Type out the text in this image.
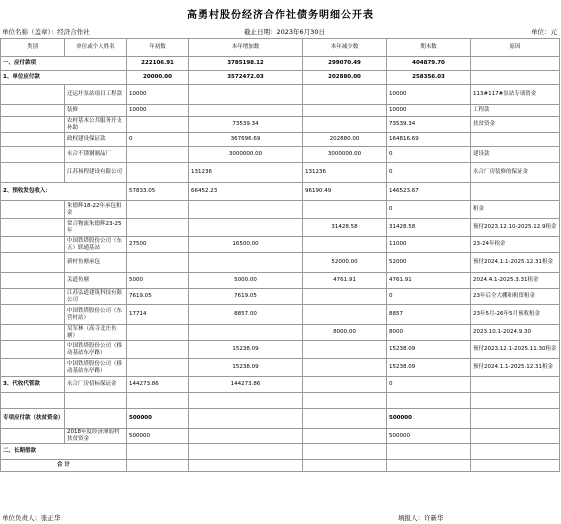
高勇村股份经济合作社债务明细公开表
单位名称（盖章）：经济合作社	截止日期：2023年6月30日	单位：元
类别	单位或个人姓名	年初数	本年增加数	本年减少数	期末数	原因
一、应付款项		222106.91	3785198.12	299070.49	404879.70	
1、单位应付款		20000.00	3572472.03	202880.00	258356.03	
	迁运圩泵站项目工程款	10000			10000	113#117#泵站专项资金
	装修	10000			10000	工程款
	农村基本公共服务开支补助		73539.34		73539.34	扶贫资金
	政权建设保证款	0	367696.69	202880.00	164816.69	
	永合不锈钢制品厂		3000000.00	3000000.00	0	建设款
	江苏扬程建设有限公司		131236	131236	0	永合厂房装修的保证金
2、预收发包收入：		57833.05	66452.23	96190.49	146523.67	
	朱德辉18-22年承包租金				0	租金
	常合物流朱德辉23-25年			31428.58	31428.58	预付2023.12.10-2025.12.9租金
	中国铁塔股份公司（东五）联通基站	27500	16500.00		11000	23-24年租金
	新村鱼塘承包			52000.00	52000	预付2024.1.1-2025.12.31租金
	关道鱼塘	5000	5000.00	4761.91	4761.91	2024.4.1-2025.3.31租金
	江苏弘道建筑科技有限公司	7619.05	7619.05		0	23年后全大棚和租资租金
	中国铁塔股份公司（东营村站）	17714	8857.00		8857	23年5月-26年5月预收租金
	吴军林（高寺北庄鱼塘）			8000.00	8000	2023.10.1-2024.9.30
	中国铁塔股份公司（移动基站东亭路）		15238.09		15238.09	预付2023.12.1-2025.11.30租金
	中国铁塔股份公司（移动基站东亭路）		15238.09		15238.09	预付2024.1.1-2025.12.31租金
3、代收代管款	永合厂房招标保证金	144273.86	144273.86		0	

专项应付款（扶贫资金）		500000			500000	
	2018年度经济薄弱村扶贫资金	500000			500000	
二、长期借款						
合 计						
单位负责人：张正华	填报人：许新华
